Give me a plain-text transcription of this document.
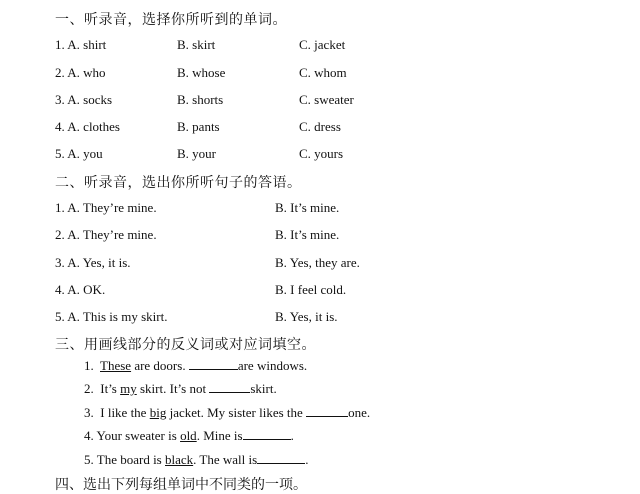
一、听录音，选择你所听到的单词。
1. A. shirt	B. skirt	C. jacket
2. A. who	B. whose	C. whom
3. A. socks	B. shorts	C. sweater
4. A. clothes	B. pants	C. dress
5. A. you	B. your	C. yours
二、听录音，选出你所听句子的答语。
1. A. They’re mine.	B. It’s mine.
2. A. They’re mine.	B. It’s mine.
3. A. Yes, it is.	B. Yes, they are.
4. A. OK.	B. I feel cold.
5. A. This is my skirt.	B. Yes, it is.
三、用画线部分的反义词或对应词填空。
1.  These are doors.	are windows.
2.  It’s my skirt. It’s not	skirt.
3.  I like the big jacket. My sister likes the	one.
4. Your sweater is old. Mine is	.
5. The board is black. The wall is	.
四、选出下列每组单词中不同类的一项。
